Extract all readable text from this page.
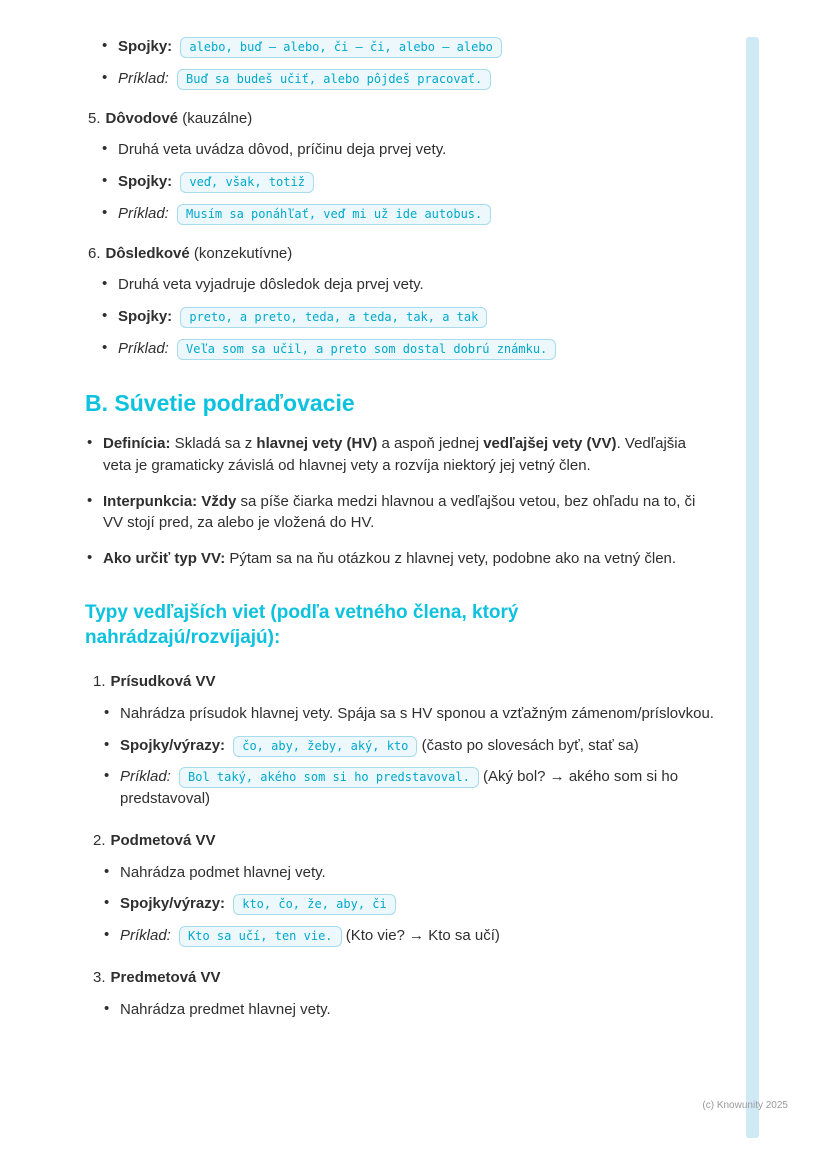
(c) Knowunity 2025
• Spojky: alebo, buď – alebo, či – či, alebo – alebo
• Príklad: Buď sa budeš učiť, alebo pôjdeš pracovať.
5. Dôvodové (kauzálne)
• Druhá veta uvádza dôvod, príčinu deja prvej vety.
• Spojky: veď, však, totiž
• Príklad: Musím sa ponáhľať, veď mi už ide autobus.
6. Dôsledkové (konzekutívne)
• Druhá veta vyjadruje dôsledok deja prvej vety.
• Spojky: preto, a preto, teda, a teda, tak, a tak
• Príklad: Veľa som sa učil, a preto som dostal dobrú známku.
B. Súvetie podraďovacie
• Definícia: Skladá sa z hlavnej vety (HV) a aspoň jednej vedľajšej vety (VV). Vedľajšia veta je gramaticky závislá od hlavnej vety a rozvíja niektorý jej vetný člen.
• Interpunkcia: Vždy sa píše čiarka medzi hlavnou a vedľajšou vetou, bez ohľadu na to, či VV stojí pred, za alebo je vložená do HV.
• Ako určiť typ VV: Pýtam sa na ňu otázkou z hlavnej vety, podobne ako na vetný člen.
Typy vedľajších viet (podľa vetného člena, ktorý nahrádzajú/rozvíjajú):
1. Prísudková VV
• Nahrádza prísudok hlavnej vety. Spája sa s HV sponou a vzťažným zámenom/príslovkou.
• Spojky/výrazy: čo, aby, žeby, aký, kto (často po slovesách byť, stať sa)
• Príklad: Bol taký, akého som si ho predstavoval. (Aký bol? → akého som si ho predstavoval)
2. Podmetová VV
• Nahrádza podmet hlavnej vety.
• Spojky/výrazy: kto, čo, že, aby, či
• Príklad: Kto sa učí, ten vie. (Kto vie? → Kto sa učí)
3. Predmetová VV
• Nahrádza predmet hlavnej vety.
